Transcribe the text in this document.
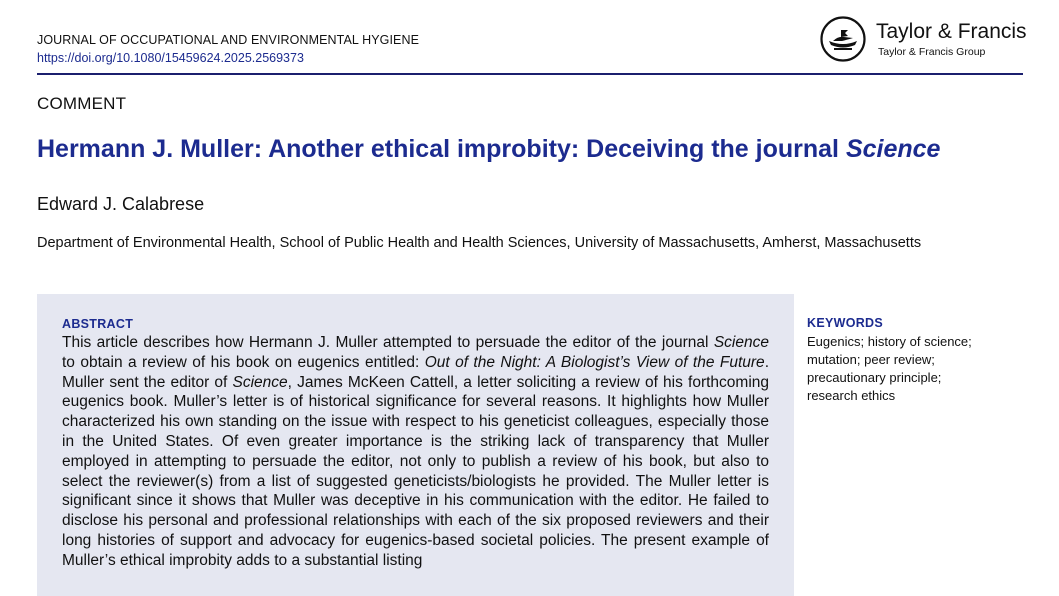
JOURNAL OF OCCUPATIONAL AND ENVIRONMENTAL HYGIENE
https://doi.org/10.1080/15459624.2025.2569373
Taylor & Francis
Taylor & Francis Group
COMMENT
Hermann J. Muller: Another ethical improbity: Deceiving the journal Science
Edward J. Calabrese
Department of Environmental Health, School of Public Health and Health Sciences, University of Massachusetts, Amherst, Massachusetts
ABSTRACT

This article describes how Hermann J. Muller attempted to persuade the editor of the journal Science to obtain a review of his book on eugenics entitled: Out of the Night: A Biologist’s View of the Future. Muller sent the editor of Science, James McKeen Cattell, a letter soliciting a review of his forthcoming eugenics book. Muller’s letter is of historical significance for several reasons. It highlights how Muller characterized his own standing on the issue with respect to his geneticist colleagues, especially those in the United States. Of even greater importance is the striking lack of transparency that Muller employed in attempting to persuade the editor, not only to publish a review of his book, but also to select the reviewer(s) from a list of suggested geneticists/biologists he provided. The Muller letter is significant since it shows that Muller was deceptive in his communication with the editor. He failed to disclose his personal and professional relationships with each of the six proposed reviewers and their long histories of support and advocacy for eugenics-based societal policies. The present example of Muller’s ethical improbity adds to a substantial listing

KEYWORDS
Eugenics; history of science;
mutation; peer review;
precautionary principle;
research ethics
